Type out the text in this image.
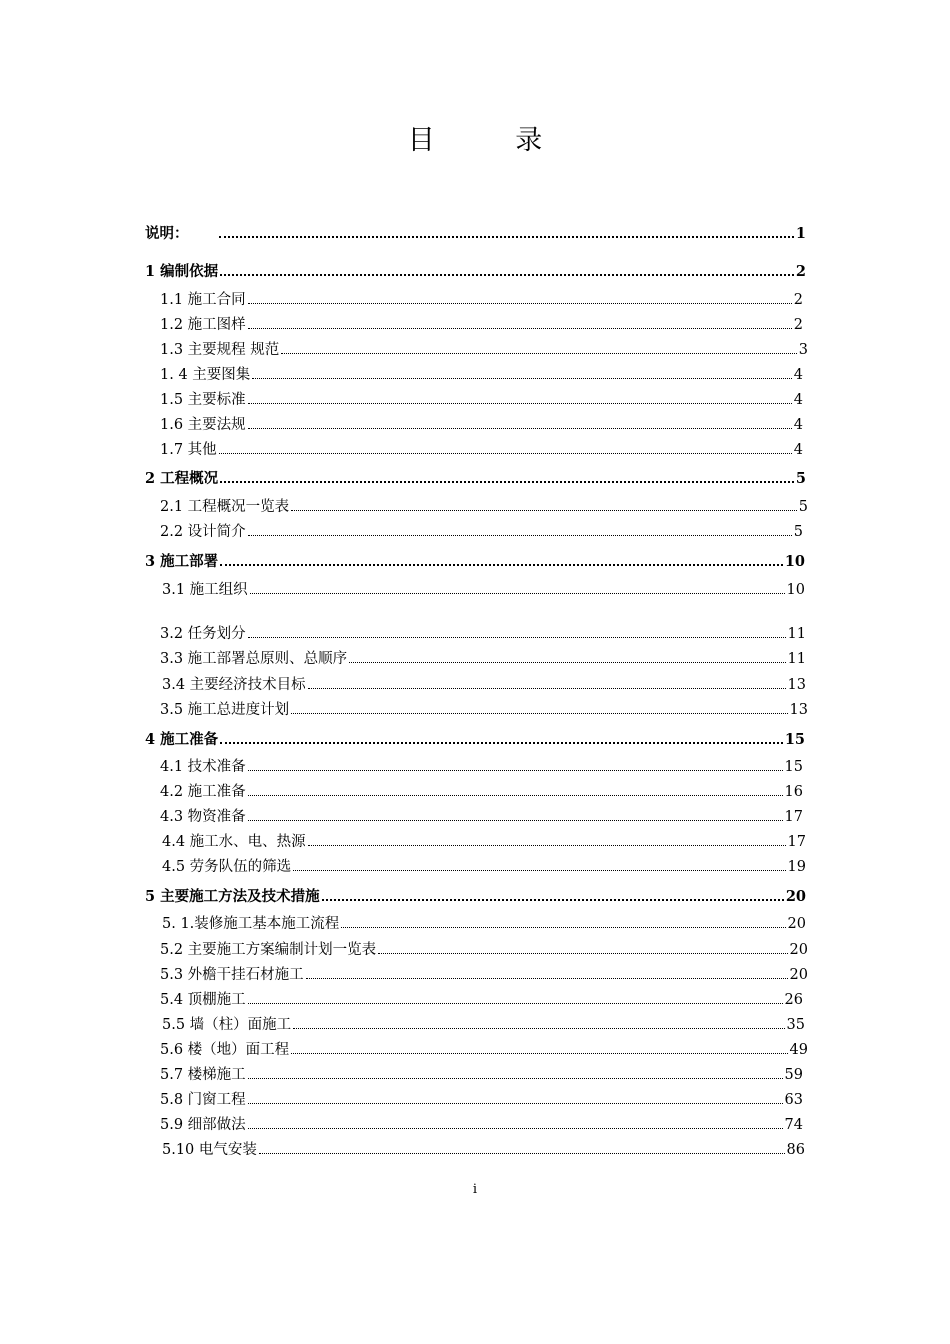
目 录
说明：	1
1 编制依据	2
1.1 施工合同	2
1.2 施工图样	2
1.3 主要规程 规范	3
1. 4 主要图集	4
1.5 主要标准	4
1.6 主要法规	4
1.7 其他	4
2 工程概况	5
2.1 工程概况一览表	5
2.2 设计简介	5
3 施工部署	10
3.1 施工组织	10
3.2 任务划分	11
3.3 施工部署总原则、总顺序	11
3.4 主要经济技术目标	13
3.5 施工总进度计划	13
4 施工准备	15
4.1 技术准备	15
4.2 施工准备	16
4.3 物资准备	17
4.4 施工水、电、热源	17
4.5 劳务队伍的筛选	19
5 主要施工方法及技术措施	20
5. 1.装修施工基本施工流程	20
5.2 主要施工方案编制计划一览表	20
5.3 外檐干挂石材施工	20
5.4 顶棚施工	26
5.5 墙（柱）面施工	35
5.6 楼（地）面工程	49
5.7 楼梯施工	59
5.8 门窗工程	63
5.9 细部做法	74
5.10 电气安装	86
i
